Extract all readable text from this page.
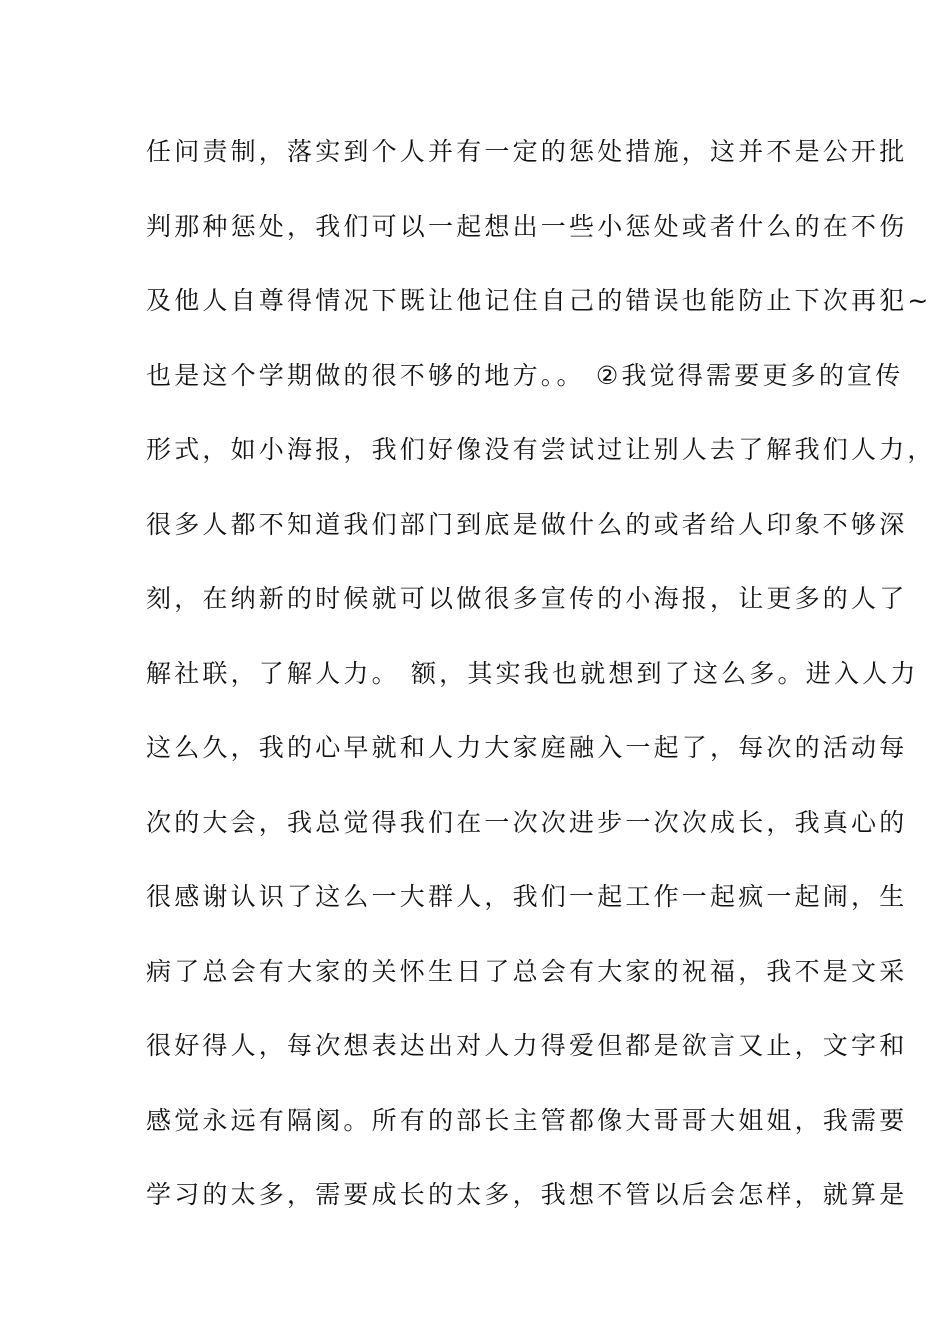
任问责制，落实到个人并有一定的惩处措施，这并不是公开批
判那种惩处，我们可以一起想出一些小惩处或者什么的在不伤
及他人自尊得情况下既让他记住自己的错误也能防止下次再犯~
也是这个学期做的很不够的地方。。 ②我觉得需要更多的宣传
形式，如小海报，我们好像没有尝试过让别人去了解我们人力，
很多人都不知道我们部门到底是做什么的或者给人印象不够深
刻，在纳新的时候就可以做很多宣传的小海报，让更多的人了
解社联，了解人力。 额，其实我也就想到了这么多。进入人力
这么久，我的心早就和人力大家庭融入一起了，每次的活动每
次的大会，我总觉得我们在一次次进步一次次成长，我真心的
很感谢认识了这么一大群人，我们一起工作一起疯一起闹，生
病了总会有大家的关怀生日了总会有大家的祝福，我不是文采
很好得人，每次想表达出对人力得爱但都是欲言又止，文字和
感觉永远有隔阂。所有的部长主管都像大哥哥大姐姐，我需要
学习的太多，需要成长的太多，我想不管以后会怎样，就算是
